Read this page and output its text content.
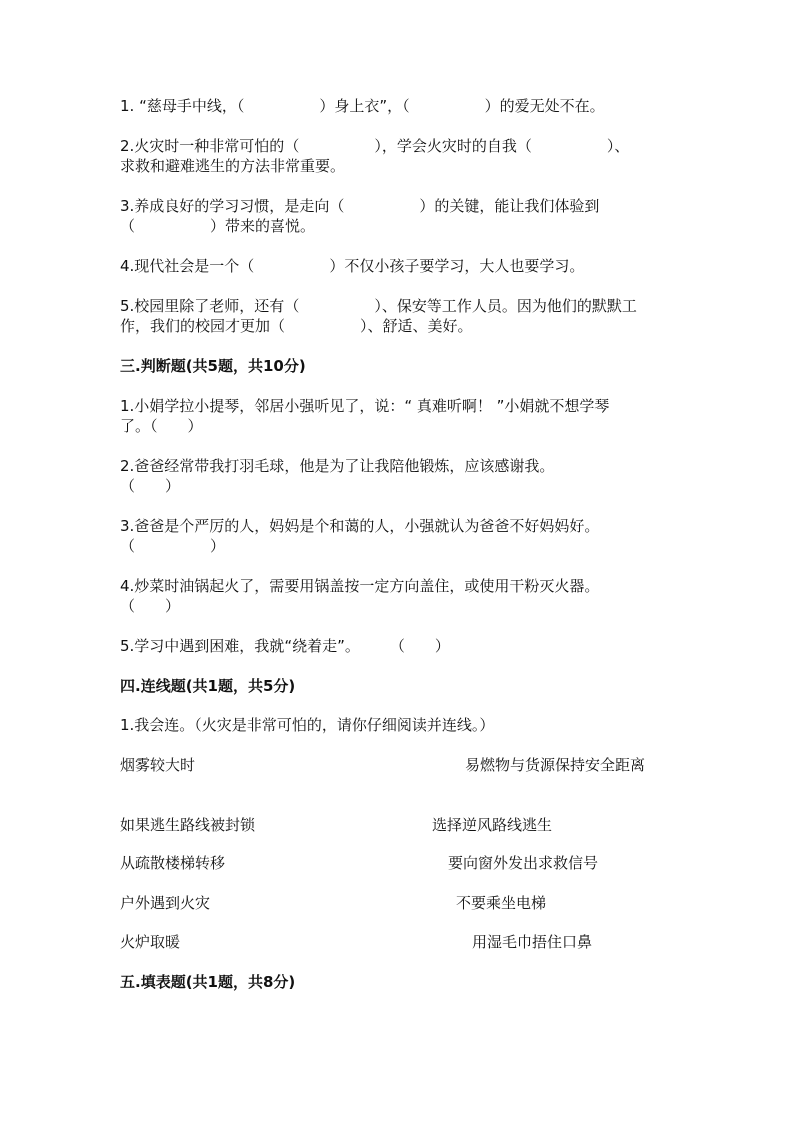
1. “慈母手中线，（　　　　　）身上衣”，（　　　　　）的爱无处不在。
2.火灾时一种非常可怕的（　　　　　），学会火灾时的自我（　　　　　）、
求救和避难逃生的方法非常重要。
3.养成良好的学习习惯，是走向（　　　　　）的关键，能让我们体验到
（　　　　　）带来的喜悦。
4.现代社会是一个（　　　　　）不仅小孩子要学习，大人也要学习。
5.校园里除了老师，还有（　　　　　）、保安等工作人员。因为他们的默默工
作，我们的校园才更加（　　　　　）、舒适、美好。
三.判断题(共5题，共10分)
1.小娟学拉小提琴，邻居小强听见了，说：“ 真难听啊！ ”小娟就不想学琴
了。（　　）
2.爸爸经常带我打羽毛球，他是为了让我陪他锻炼，应该感谢我。
（　　）
3.爸爸是个严厉的人，妈妈是个和蔼的人，小强就认为爸爸不好妈妈好。
（　　　　　）
4.炒菜时油锅起火了，需要用锅盖按一定方向盖住，或使用干粉灭火器。
（　　）
5.学习中遇到困难，我就“绕着走”。　　　（　　）
四.连线题(共1题，共5分)
1.我会连。（火灾是非常可怕的，请你仔细阅读并连线。）
烟雾较大时
如果逃生路线被封锁
从疏散楼梯转移
户外遇到火灾
火炉取暖
易燃物与货源保持安全距离
选择逆风路线逃生
要向窗外发出求救信号
不要乘坐电梯
用湿毛巾捂住口鼻
五.填表题(共1题，共8分)
